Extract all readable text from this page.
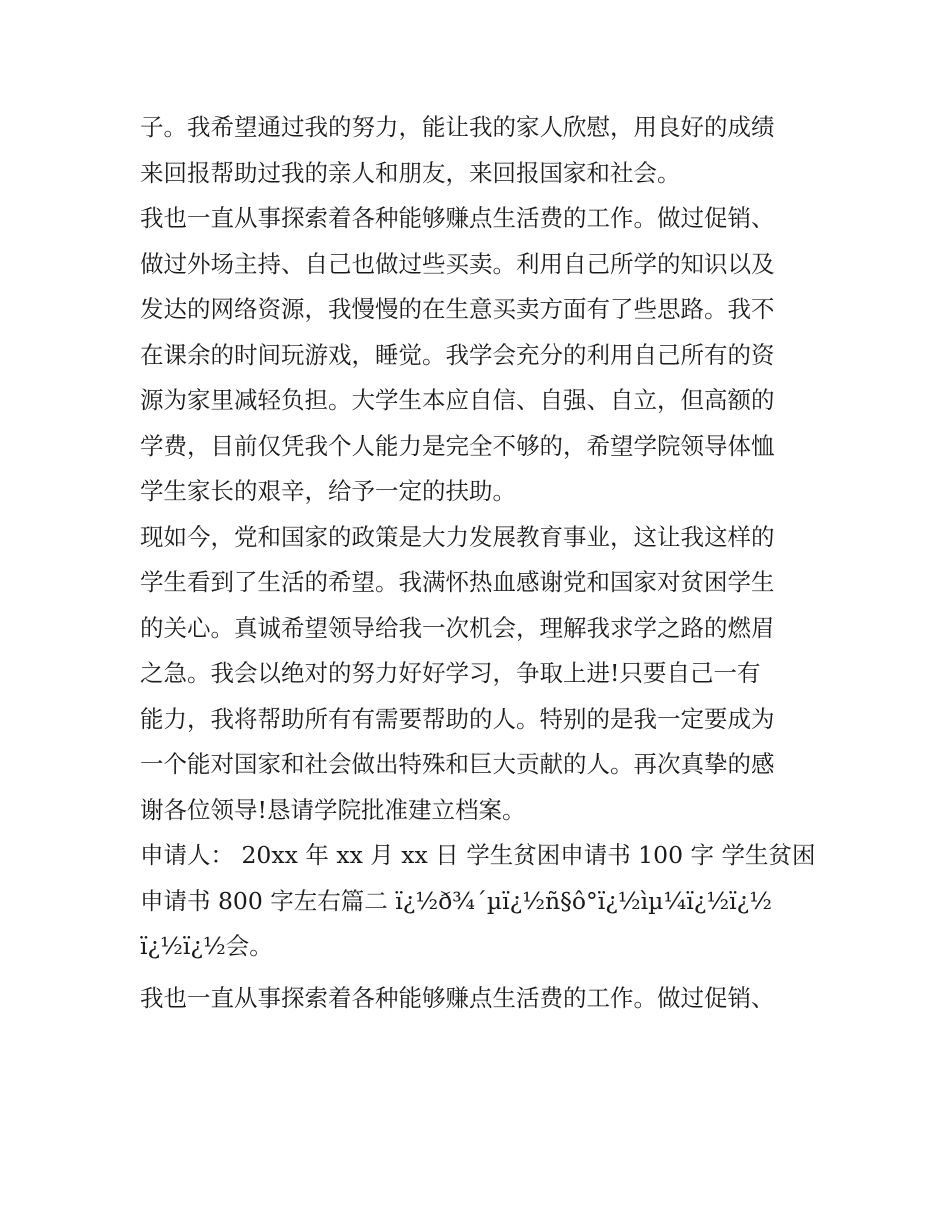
子。我希望通过我的努力，能让我的家人欣慰，用良好的成绩
来回报帮助过我的亲人和朋友，来回报国家和社会。
我也一直从事探索着各种能够赚点生活费的工作。做过促销、
做过外场主持、自己也做过些买卖。利用自己所学的知识以及
发达的网络资源，我慢慢的在生意买卖方面有了些思路。我不
在课余的时间玩游戏，睡觉。我学会充分的利用自己所有的资
源为家里减轻负担。大学生本应自信、自强、自立，但高额的
学费，目前仅凭我个人能力是完全不够的，希望学院领导体恤
学生家长的艰辛，给予一定的扶助。
现如今，党和国家的政策是大力发展教育事业，这让我这样的
学生看到了生活的希望。我满怀热血感谢党和国家对贫困学生
的关心。真诚希望领导给我一次机会，理解我求学之路的燃眉
之急。我会以绝对的努力好好学习，争取上进!只要自己一有
能力，我将帮助所有有需要帮助的人。特别的是我一定要成为
一个能对国家和社会做出特殊和巨大贡献的人。再次真挚的感
谢各位领导!恳请学院批准建立档案。
申请人： 20xx 年 xx 月 xx 日 学生贫困申请书 100 字 学生贫困
申请书 800 字左右篇二 ï¿½ð¾´µï¿½ñ§ô°ï¿½ìµ¼ï¿½ï¿½
ï¿½ï¿½会。
我也一直从事探索着各种能够赚点生活费的工作。做过促销、
